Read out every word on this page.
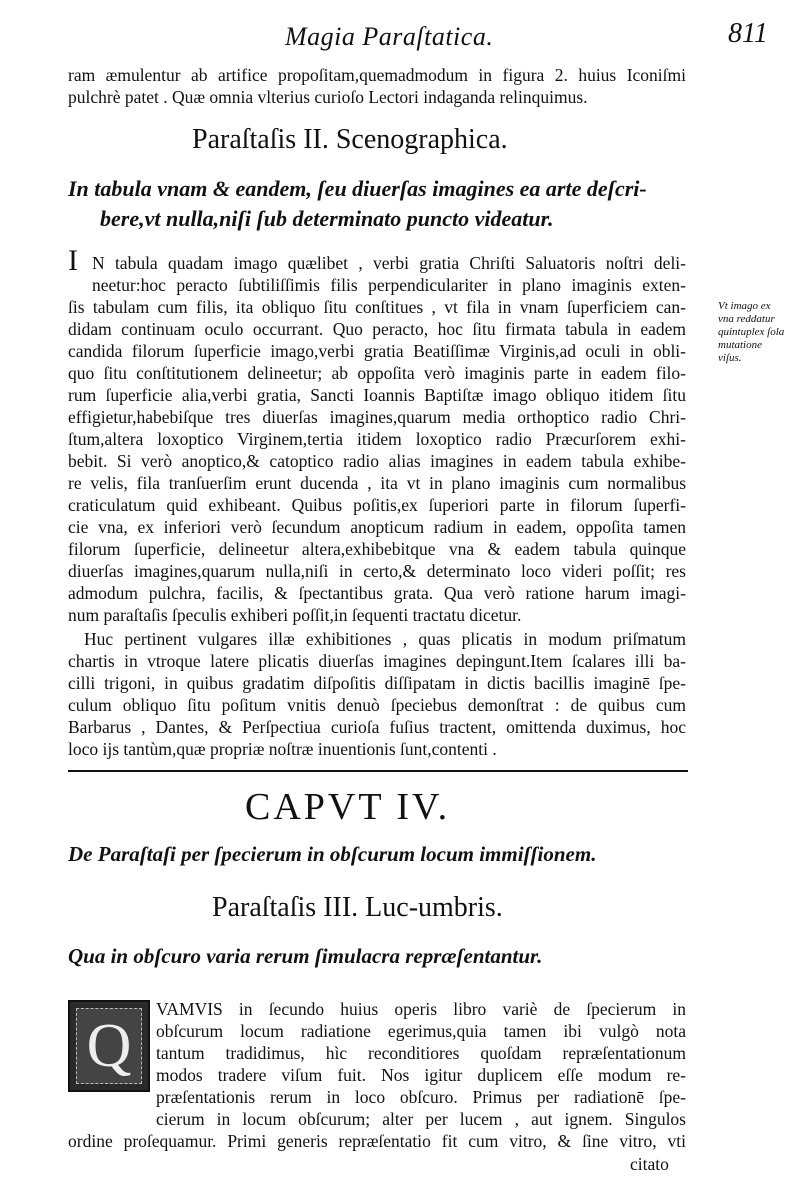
Magia Paraſtatica.	811
ram æmulentur ab artifice propoſitam,quemadmodum in figura 2. huius Iconiſmi
pulchrè patet . Quæ omnia vlterius curioſo Lectori indaganda relinquimus.
Paraſtaſis II. Scenographica.
In tabula vnam & eandem, ſeu diuerſas imagines ea arte deſcri-
bere,vt nulla,niſi ſub determinato puncto videatur.
I N tabula quadam imago quælibet , verbi gratia Chriſti Saluatoris noſtri deli-
neetur:hoc peracto ſubtiliſſimis filis perpendiculariter in plano imaginis exten-
ſis tabulam cum filis, ita obliquo ſitu conſtitues , vt fila in vnam ſuperficiem can-
didam continuam oculo occurrant. Quo peracto, hoc ſitu firmata tabula in eadem
candida filorum ſuperficie imago,verbi gratia Beatiſſimæ Virginis,ad oculi in obli-
quo ſitu conſtitutionem delineetur; ab oppoſita verò imaginis parte in eadem filo-
rum ſuperficie alia,verbi gratia, Sancti Ioannis Baptiſtæ imago obliquo itidem ſitu
effigietur,habebiſque tres diuerſas imagines,quarum media orthoptico radio Chri-
ſtum,altera loxoptico Virginem,tertia itidem loxoptico radio Præcurſorem exhi-
bebit. Si verò anoptico,& catoptico radio alias imagines in eadem tabula exhibe-
re velis, fila tranſuerſim erunt ducenda , ita vt in plano imaginis cum normalibus
craticulatum quid exhibeant. Quibus poſitis,ex ſuperiori parte in filorum ſuperfi-
cie vna, ex inferiori verò ſecundum anopticum radium in eadem, oppoſita tamen
filorum ſuperficie, delineetur altera,exhibebitque vna & eadem tabula quinque
diuerſas imagines,quarum nulla,niſi in certo,& determinato loco videri poſſit; res
admodum pulchra, facilis, & ſpectantibus grata. Qua verò ratione harum imagi-
num paraſtaſis ſpeculis exhiberi poſſit,in ſequenti tractatu dicetur.
Huc pertinent vulgares illæ exhibitiones , quas plicatis in modum priſmatum
chartis in vtroque latere plicatis diuerſas imagines depingunt.Item ſcalares illi ba-
cilli trigoni, in quibus gradatim diſpoſitis diſſipatam in dictis bacillis imaginē ſpe-
culum obliquo ſitu poſitum vnitis denuò ſpeciebus demonſtrat : de quibus cum
Barbarus , Dantes, & Perſpectiua curioſa fuſius tractent, omittenda duximus, hoc
loco ijs tantùm,quæ propriæ noſtræ inuentionis ſunt,contenti .
Vt imago ex vna reddatur quintuplex ſola mutatione viſus.
CAPVT IV.
De Paraſtaſi per ſpecierum in obſcurum locum immiſſionem.
Paraſtaſis III. Luc-umbris.
Qua in obſcuro varia rerum ſimulacra repræſentantur.
Q
VAMVIS in ſecundo huius operis libro variè de ſpecierum in
obſcurum locum radiatione egerimus,quia tamen ibi vulgò nota
tantum tradidimus, hìc reconditiores quoſdam repræſentationum
modos tradere viſum fuit. Nos igitur duplicem eſſe modum re-
præſentationis rerum in loco obſcuro. Primus per radiationē ſpe-
cierum in locum obſcurum; alter per lucem , aut ignem. Singulos
ordine proſequamur. Primi generis repræſentatio fit cum vitro, & ſine vitro, vti
citato
